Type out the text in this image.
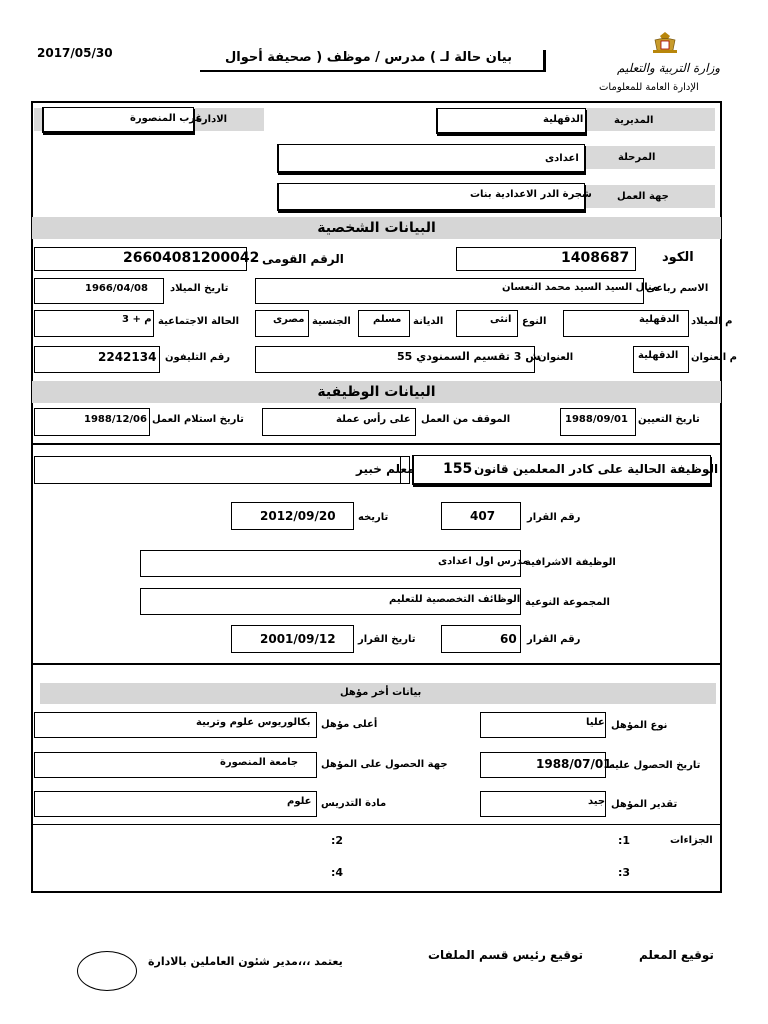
2017/05/30	بيان حالة لـ ) مدرس / موظف ( صحيفة أحوال
وزارة التربية والتعليم
الإدارة العامة للمعلومات
المديرية
الدقهلية
الادارة
غرب المنصورة
المرحلة
اعدادى
جهة العمل
شجرة الدر الاعدادية بنات
البيانات الشخصية
الكود
1408687
الرقم القومى
26604081200042
الاسم رباعى
منال السيد السيد محمد النعسان
تاريخ الميلاد
1966/04/08
م الميلاد
الدقهلية
النوع
انثى
الديانة
مسلم
الجنسية
مصرى
الحالة الاجتماعية
م + 3
م العنوان
الدقهلية
العنوان
ش 3 تقسيم السمنودي 55
رقم التليفون
2242134
البيانات الوظيفية
تاريخ التعيين
1988/09/01
الموقف من العمل
على رأس عملة
تاريخ استلام العمل
1988/12/06
الوظيفة الحالية على كادر المعلمين قانون
155
معلم خبير
رقم القرار
407
تاريخه
2012/09/20
الوظيفة الاشرافية
مدرس اول اعدادى
المجموعة النوعية
الوظائف التخصصية للتعليم
رقم القرار
60
تاريخ القرار
2001/09/12
بيانات أخر مؤهل
نوع المؤهل
عليا
أعلى مؤهل
بكالوريوس علوم وتربية
تاريخ الحصول عليه
1988/07/01
جهة الحصول على المؤهل
جامعة المنصورة
تقدير المؤهل
جيد
مادة التدريس
علوم
الجزاءات
:1
:2
:3
:4
توقيع المعلم
توقيع رئيس قسم الملفات
يعتمد ،،،مدير شئون العاملين بالادارة
